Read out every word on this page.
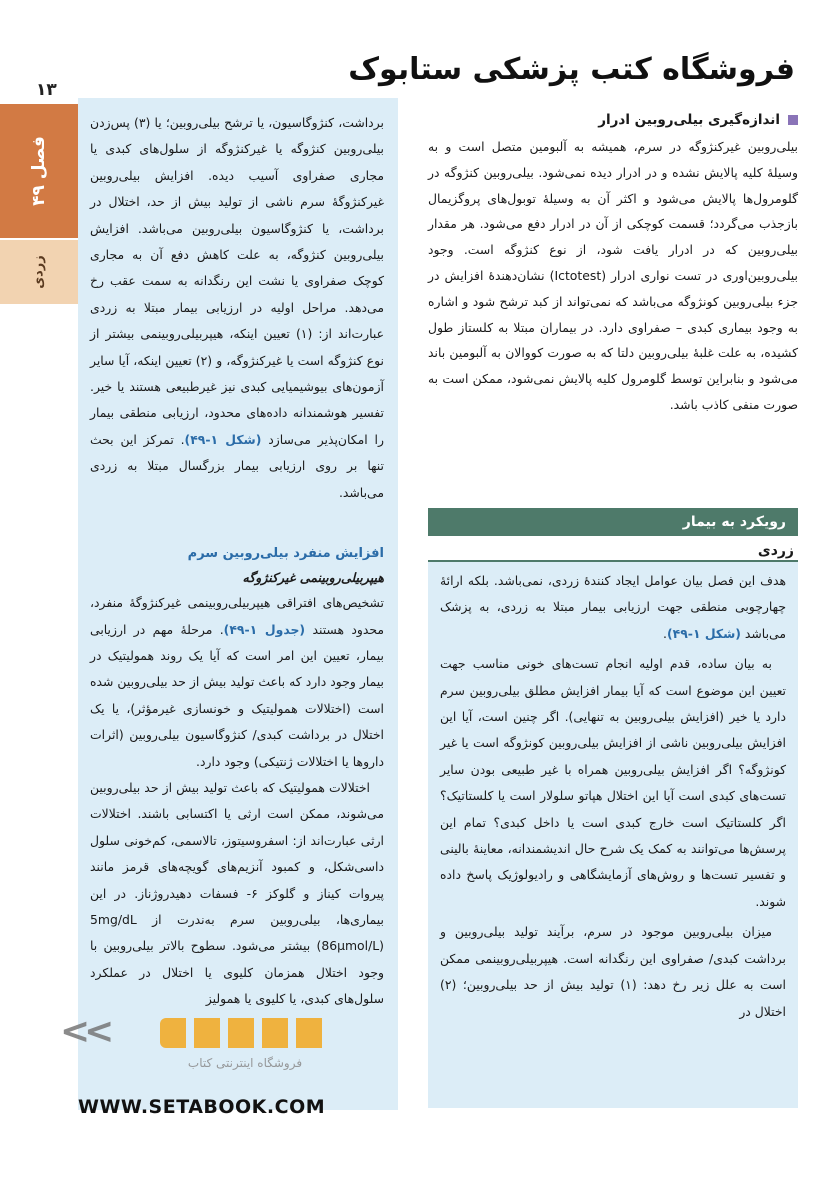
فروشگاه کتب پزشکی ستابوک
۱۳
فصل ۴۹
زردی

برداشت، کنژوگاسیون، یا ترشح بیلی‌روبین؛ یا (۳) پس‌زدن بیلی‌روبین کنژوگه یا غیرکنژوگه از سلول‌های کبدی یا مجاری صفراوی آسیب دیده. افزایش بیلی‌روبین غیرکنژوگهٔ سرم ناشی از تولید بیش از حد، اختلال در برداشت، یا کنژوگاسیون بیلی‌روبین می‌باشد. افزایش بیلی‌روبین کنژوگه، به علت کاهش دفع آن به مجاری کوچک صفراوی یا نشت این رنگدانه به سمت عقب رخ می‌دهد. مراحل اولیه در ارزیابی بیمار مبتلا به زردی عبارت‌اند از: (۱) تعیین اینکه، هیپربیلی‌روبینمی بیشتر از نوع کنژوگه است یا غیرکنژوگه، و (۲) تعیین اینکه، آیا سایر آزمون‌های بیوشیمیایی کبدی نیز غیرطبیعی هستند یا خیر. تفسیر هوشمندانه داده‌های محدود، ارزیابی منطقی بیمار را امکان‌پذیر می‌سازد (شکل ۱-۴۹). تمرکز این بحث تنها بر روی ارزیابی بیمار بزرگسال مبتلا به زردی می‌باشد.

افزایش منفرد بیلی‌روبین سرم
هیپربیلی‌روبینمی غیرکنژوگه

تشخیص‌های افتراقی هیپربیلی‌روبینمی غیرکنژوگهٔ منفرد، محدود هستند (جدول ۱-۴۹). مرحلهٔ مهم در ارزیابی بیمار، تعیین این امر است که آیا یک روند همولیتیک در بیمار وجود دارد که باعث تولید بیش از حد بیلی‌روبین شده است (اختلالات همولیتیک و خونسازی غیرمؤثر)، یا یک اختلال در برداشت کبدی/ کنژوگاسیون بیلی‌روبین (اثرات داروها یا اختلالات ژنتیکی) وجود دارد.

اختلالات همولیتیک که باعث تولید بیش از حد بیلی‌روبین می‌شوند، ممکن است ارثی یا اکتسابی باشند. اختلالات ارثی عبارت‌اند از: اسفروسیتوز، تالاسمی، کم‌خونی سلول داسی‌شکل، و کمبود آنزیم‌های گویچه‌های قرمز مانند پیروات کیناز و گلوکز ۶- فسفات دهیدروژناز. در این بیماری‌ها، بیلی‌روبین سرم به‌ندرت از 5mg/dL (86μmol/L) بیشتر می‌شود. سطوح بالاتر بیلی‌روبین با وجود اختلال همزمان کلیوی یا اختلال در عملکرد سلول‌های کبدی، یا کلیوی یا همولیز

اندازه‌گیری بیلی‌روبین ادرار

بیلی‌روبین غیرکنژوگه در سرم، همیشه به آلبومین متصل است و به وسیلهٔ کلیه پالایش نشده و در ادرار دیده نمی‌شود. بیلی‌روبین کنژوگه در گلومرول‌ها پالایش می‌شود و اکثر آن به وسیلهٔ توبول‌های پروگزیمال بازجذب می‌گردد؛ قسمت کوچکی از آن در ادرار دفع می‌شود. هر مقدار بیلی‌روبین که در ادرار یافت شود، از نوع کنژوگه است. وجود بیلی‌روبین‌اوری در تست نواری ادرار (Ictotest) نشان‌دهندهٔ افزایش در جزء بیلی‌روبین کونژوگه می‌باشد که نمی‌تواند از کبد ترشح شود و اشاره به وجود بیماری کبدی – صفراوی دارد. در بیماران مبتلا به کلستاز طول کشیده، به علت غلبهٔ بیلی‌روبین دلتا که به صورت کووالان به آلبومین باند می‌شود و بنابراین توسط گلومرول کلیه پالایش نمی‌شود، ممکن است به صورت منفی کاذب باشد.

رویکرد به بیمار
زردی

هدف این فصل بیان عوامل ایجاد کنندهٔ زردی، نمی‌باشد. بلکه ارائهٔ چهارچوبی منطقی جهت ارزیابی بیمار مبتلا به زردی، به پزشک می‌باشد (شکل ۱-۴۹).

به بیان ساده، قدم اولیه انجام تست‌های خونی مناسب جهت تعیین این موضوع است که آیا بیمار افزایش مطلق بیلی‌روبین سرم دارد یا خیر (افزایش بیلی‌روبین به تنهایی). اگر چنین است، آیا این افزایش بیلی‌روبین ناشی از افزایش بیلی‌روبین کونژوگه است یا غیر کونژوگه؟ اگر افزایش بیلی‌روبین همراه با غیر طبیعی بودن سایر تست‌های کبدی است آیا این اختلال هپاتو سلولار است یا کلستاتیک؟ اگر کلستاتیک است خارج کبدی است یا داخل کبدی؟ تمام این پرسش‌ها می‌توانند به کمک یک شرح حال اندیشمندانه، معاینهٔ بالینی و تفسیر تست‌ها و روش‌های آزمایشگاهی و رادیولوژیک پاسخ داده شوند.

میزان بیلی‌روبین موجود در سرم، برآیند تولید بیلی‌روبین و برداشت کبدی/ صفراوی این رنگدانه است. هیپربیلی‌روبینمی ممکن است به علل زیر رخ دهد: (۱) تولید بیش از حد بیلی‌روبین؛ (۲) اختلال در

<<
فروشگاه اینترنتی کتاب
WWW.SETABOOK.COM
